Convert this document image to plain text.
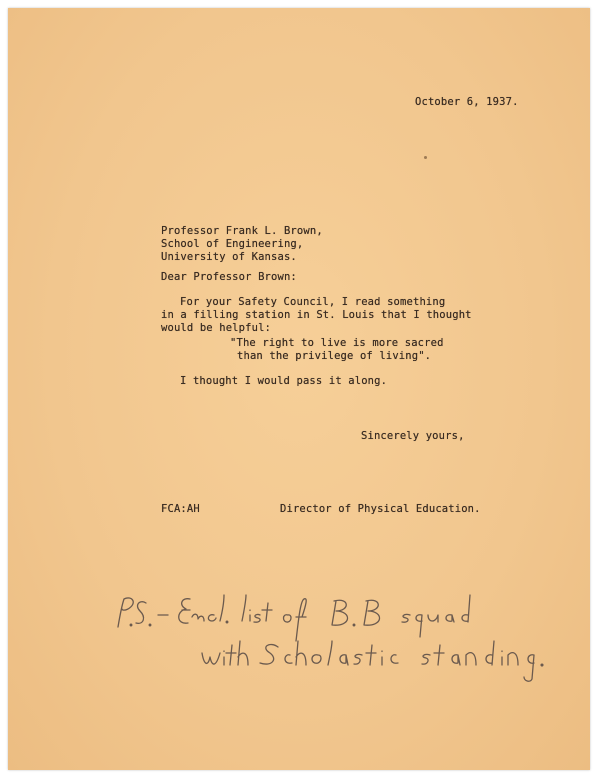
October 6, 1937.
Professor Frank L. Brown,
School of Engineering,
University of Kansas.
Dear Professor Brown:
For your Safety Council, I read something
in a filling station in St. Louis that I thought
would be helpful:
"The right to live is more sacred
than the privilege of living".
I thought I would pass it along.
Sincerely yours,
FCA:AH	Director of Physical Education.
